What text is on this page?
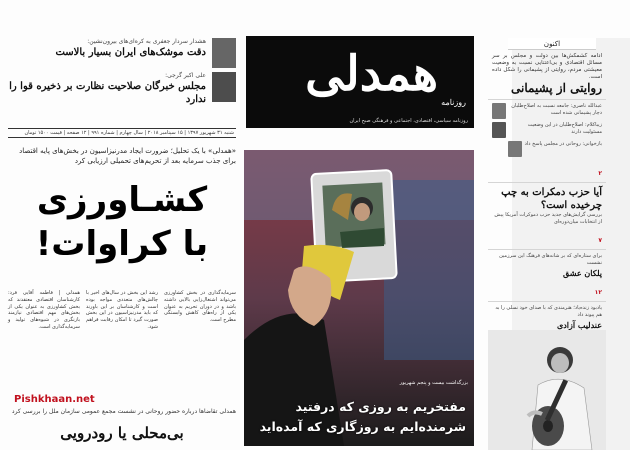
اکنون
ادامه کشمکش‌ها بین دولت و مجلس بر سر مسائل اقتصادی و بی‌اعتنایی نسبت به وضعیت معیشتی مردم، روایتی از پشیمانی را شکل داده است.
روایتی از پشیمانی
عبدالله ناصری: جامعه نسبت به اصلاح‌طلبان دچار پشیمانی شده است
زیباکلام: اصلاح‌طلبان در این وضعیت مسئولیت دارند
بازخوانی: روحانی در مجلس پاسخ داد
۲
آیا حزب دمکرات به چپ چرخیده است؟
بررسی گرایش‌های جدید حزب دموکرات آمریکا پیش از انتخابات میان‌دوره‌ای
۷
برای ستاره‌ای که بر شانه‌های فرهنگ این سرزمین نشست
پلکان عشق
۱۲
یادبود زنده‌یاد؛ هنرمندی که با صدای خود نسلی را به هم پیوند داد
عندلیب آزادی
همدلی
روزنامه
روزنامه سیاسی، اقتصادی، اجتماعی و فرهنگی صبح ایران
بزرگداشت بیست و پنجم شهریور
مفتخریم به روزی که درفتید
شرمنده‌ایم به روزگاری که آمده‌اید
هشدار سردار جعفری به کره‌ای‌های بیرون‌نشین:
دقت موشک‌های ایران بسیار بالاست
علی اکبر گرجی:
مجلس خبرگان صلاحیت نظارت بر ذخیره قوا را ندارد
شنبه ۳۱ شهریور ۱۳۹۷ | ۱۵ سپتامبر ۲۰۱۸ | سال چهارم | شماره ۹۹۱ | ۱۲ صفحه | قیمت ۱۵۰۰ تومان
«همدلی» با یک تحلیل؛ ضرورت ایجاد مدرنیزاسیون در بخش‌های پایه اقتصاد برای جذب سرمایه بعد از تحریم‌های تحمیلی ارزیابی کرد
کشـاورزی
با کراوات!
همدلی | فاطمه آقایی فرد: کارشناسان اقتصادی معتقدند که بخش کشاورزی به عنوان یکی از بخش‌های مهم اقتصادی نیازمند بازنگری در شیوه‌های تولید و سرمایه‌گذاری است.
رشد این بخش در سال‌های اخیر با چالش‌های متعددی مواجه بوده است و کارشناسان بر این باورند که باید مدرنیزاسیون در این بخش صورت گیرد تا امکان رقابت فراهم شود.
سرمایه‌گذاری در بخش کشاورزی می‌تواند اشتغال‌زایی بالایی داشته باشد و در دوران تحریم به عنوان یکی از راه‌های کاهش وابستگی مطرح است.
Pishkhaan.net
همدلی تقاضا‌ها درباره حضور روحانی در نشست مجمع عمومی سازمان ملل را بررسی کرد
بی‌محلی یا رودرویی
